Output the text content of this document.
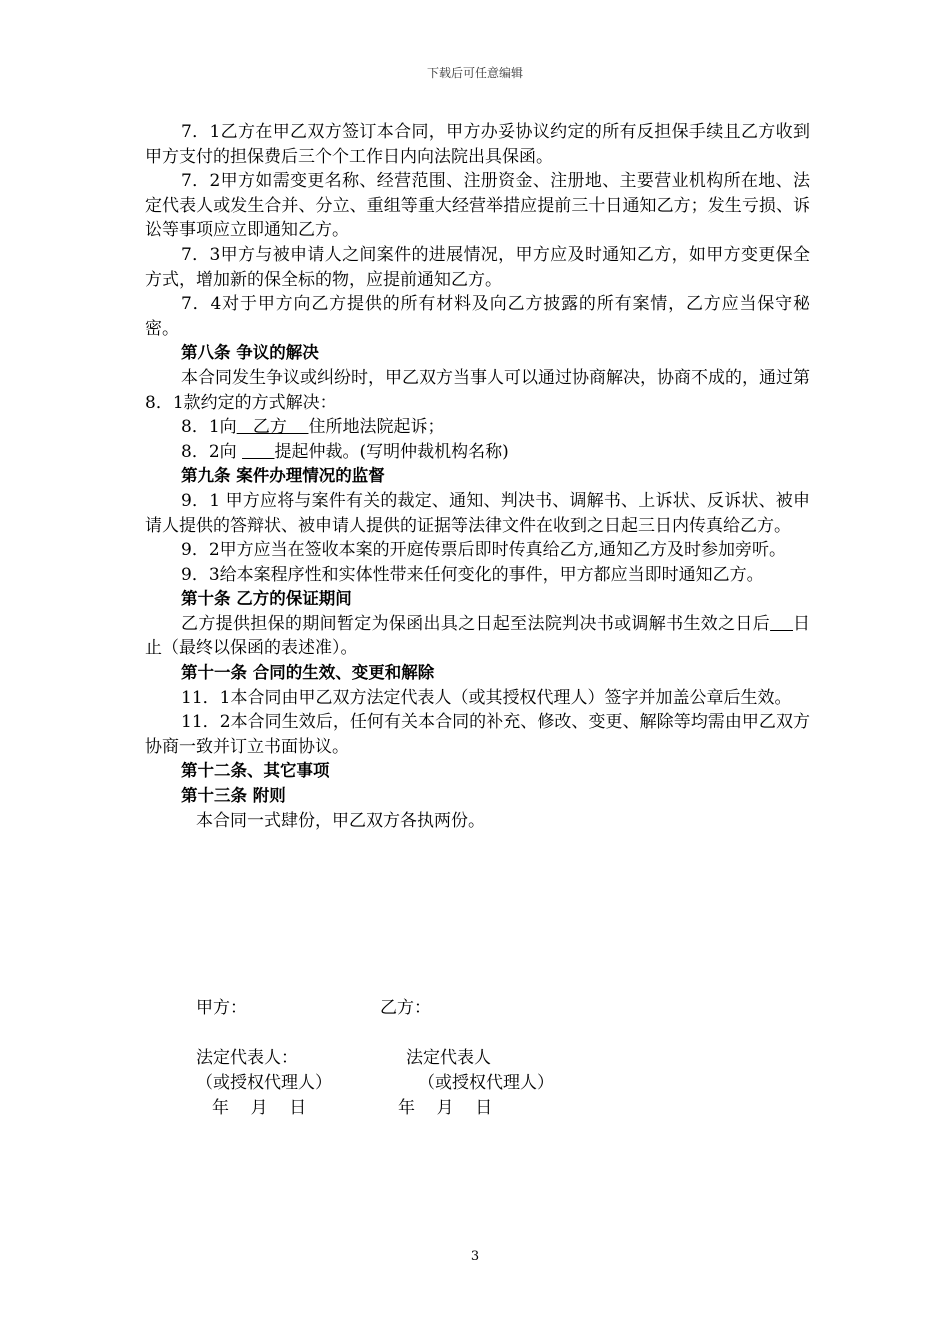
下载后可任意编辑

7．1乙方在甲乙双方签订本合同，甲方办妥协议约定的所有反担保手续且乙方收到甲方支付的担保费后三个个工作日内向法院出具保函。

7．2甲方如需变更名称、经营范围、注册资金、注册地、主要营业机构所在地、法定代表人或发生合并、分立、重组等重大经营举措应提前三十日通知乙方；发生亏损、诉讼等事项应立即通知乙方。

7．3甲方与被申请人之间案件的进展情况，甲方应及时通知乙方，如甲方变更保全方式，增加新的保全标的物，应提前通知乙方。

7．4对于甲方向乙方提供的所有材料及向乙方披露的所有案情，乙方应当保守秘密。

第八条 争议的解决

本合同发生争议或纠纷时，甲乙双方当事人可以通过协商解决，协商不成的，通过第 8．1款约定的方式解决：

8．1向   乙方    住所地法院起诉；

8．2向       提起仲裁。(写明仲裁机构名称)

第九条 案件办理情况的监督

9．1 甲方应将与案件有关的裁定、通知、判决书、调解书、上诉状、反诉状、被申请人提供的答辩状、被申请人提供的证据等法律文件在收到之日起三日内传真给乙方。

9．2甲方应当在签收本案的开庭传票后即时传真给乙方,通知乙方及时参加旁听。

9．3给本案程序性和实体性带来任何变化的事件，甲方都应当即时通知乙方。

第十条 乙方的保证期间

乙方提供担保的期间暂定为保函出具之日起至法院判决书或调解书生效之日后 日止（最终以保函的表述准）。

第十一条 合同的生效、变更和解除

11．1本合同由甲乙双方法定代表人（或其授权代理人）签字并加盖公章后生效。

11．2本合同生效后，任何有关本合同的补充、修改、变更、解除等均需由甲乙双方协商一致并订立书面协议。

第十二条、其它事项

第十三条 附则

本合同一式肆份，甲乙双方各执两份。

甲方：	乙方：
法定代表人：	法定代表人
（或授权代理人）	（或授权代理人）
年    月    日	年    月    日
3
